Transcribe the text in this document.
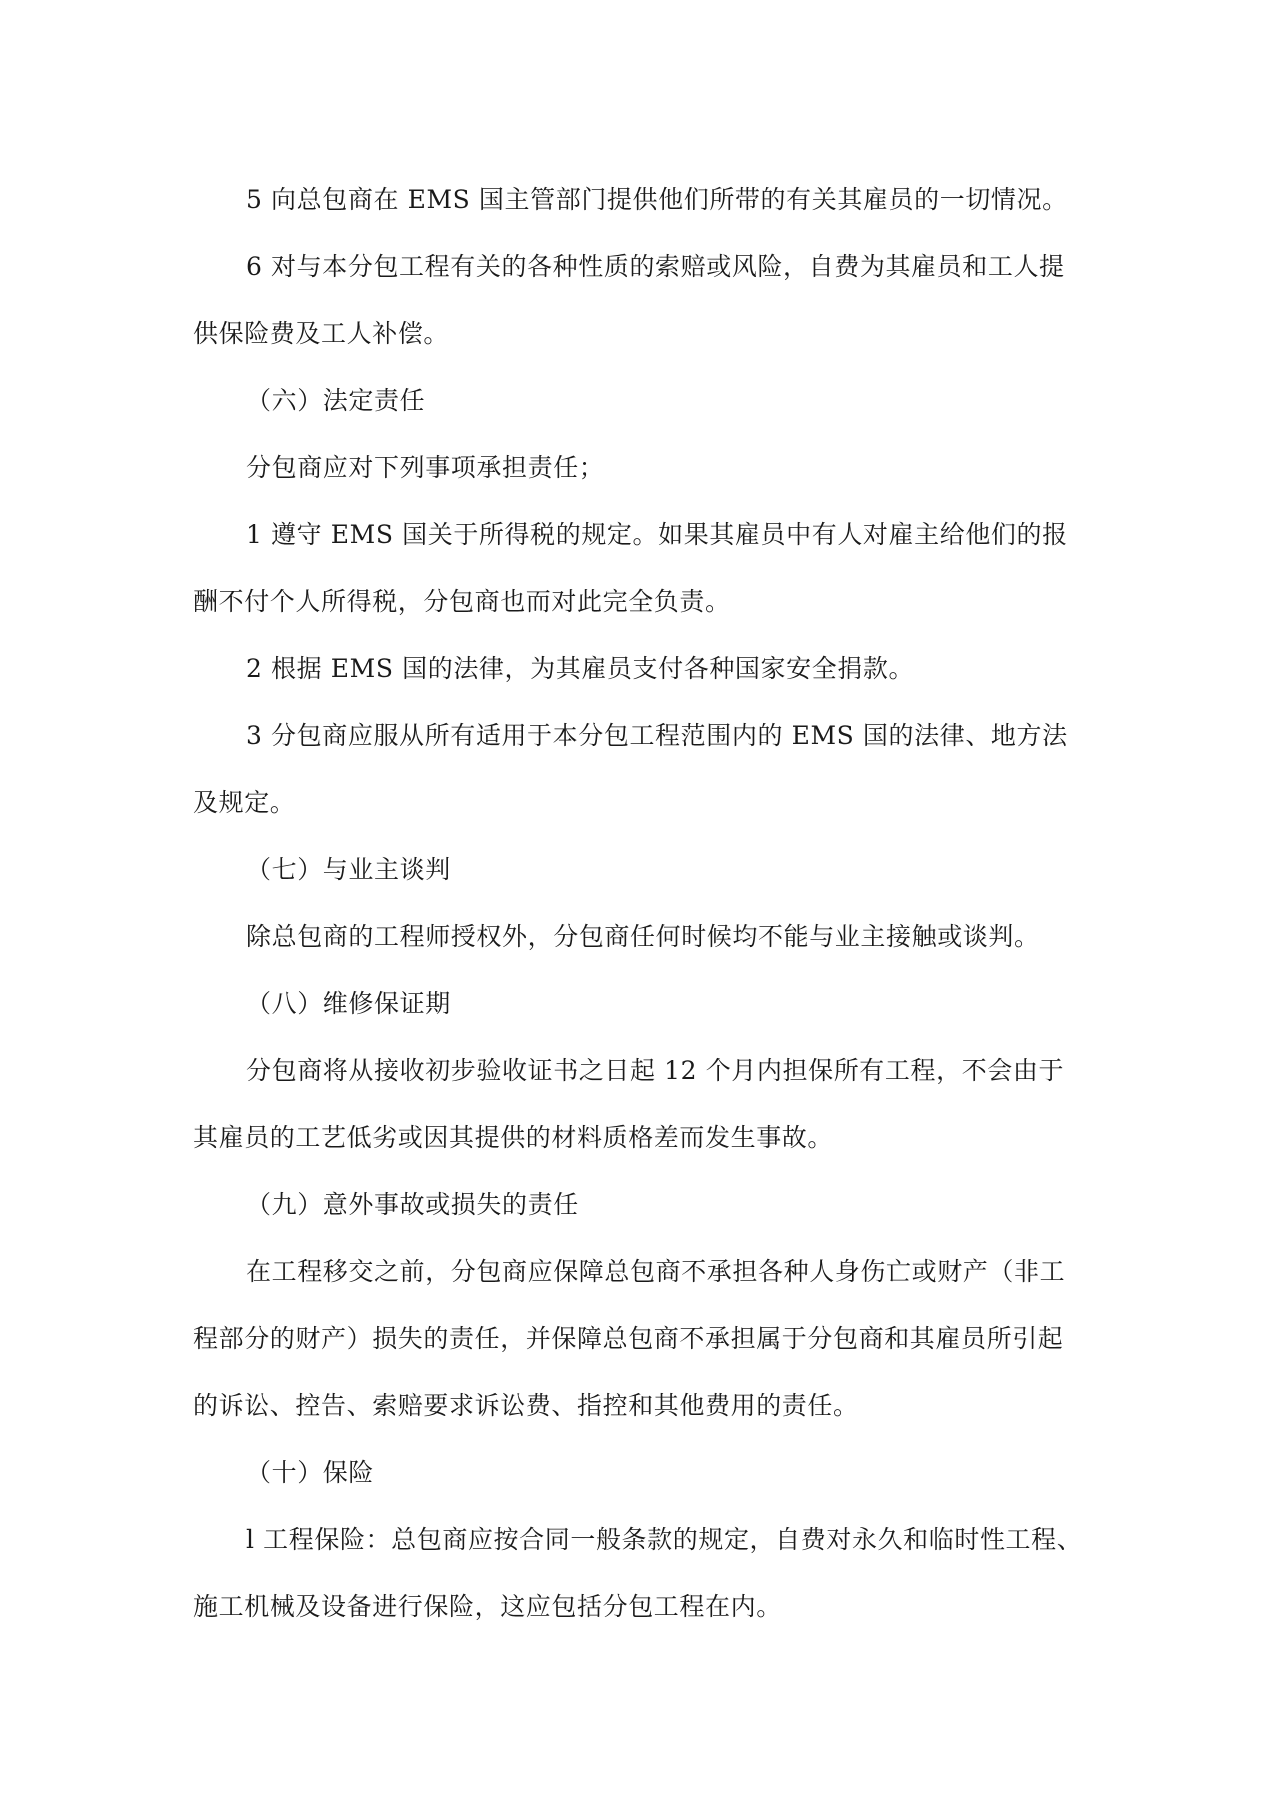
5 向总包商在 EMS 国主管部门提供他们所带的有关其雇员的一切情况。

6 对与本分包工程有关的各种性质的索赔或风险，自费为其雇员和工人提供保险费及工人补偿。

（六）法定责任

分包商应对下列事项承担责任；

1 遵守 EMS 国关于所得税的规定。如果其雇员中有人对雇主给他们的报酬不付个人所得税，分包商也而对此完全负责。

2 根据 EMS 国的法律，为其雇员支付各种国家安全捐款。

3 分包商应服从所有适用于本分包工程范围内的 EMS 国的法律、地方法及规定。

（七）与业主谈判

除总包商的工程师授权外，分包商任何时候均不能与业主接触或谈判。

（八）维修保证期

分包商将从接收初步验收证书之日起 12 个月内担保所有工程，不会由于其雇员的工艺低劣或因其提供的材料质格差而发生事故。

（九）意外事故或损失的责任

在工程移交之前，分包商应保障总包商不承担各种人身伤亡或财产（非工程部分的财产）损失的责任，并保障总包商不承担属于分包商和其雇员所引起的诉讼、控告、索赔要求诉讼费、指控和其他费用的责任。

（十）保险

l 工程保险：总包商应按合同一般条款的规定，自费对永久和临时性工程、施工机械及设备进行保险，这应包括分包工程在内。
